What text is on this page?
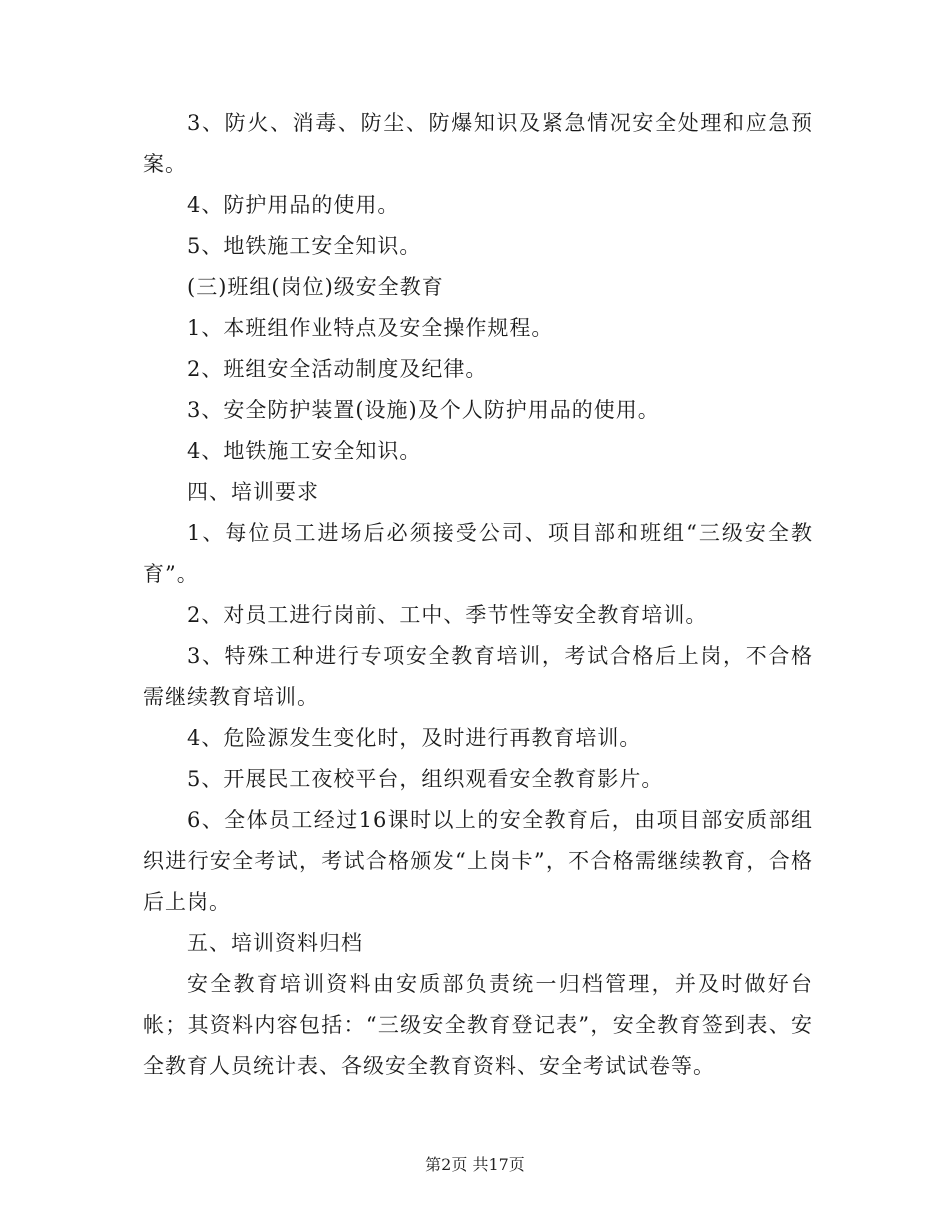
3、防火、消毒、防尘、防爆知识及紧急情况安全处理和应急预案。

4、防护用品的使用。

5、地铁施工安全知识。

(三)班组(岗位)级安全教育

1、本班组作业特点及安全操作规程。

2、班组安全活动制度及纪律。

3、安全防护装置(设施)及个人防护用品的使用。

4、地铁施工安全知识。

四、培训要求

1、每位员工进场后必须接受公司、项目部和班组“三级安全教育”。

2、对员工进行岗前、工中、季节性等安全教育培训。

3、特殊工种进行专项安全教育培训，考试合格后上岗，不合格需继续教育培训。

4、危险源发生变化时，及时进行再教育培训。

5、开展民工夜校平台，组织观看安全教育影片。

6、全体员工经过16课时以上的安全教育后，由项目部安质部组织进行安全考试，考试合格颁发“上岗卡”，不合格需继续教育，合格后上岗。

五、培训资料归档

安全教育培训资料由安质部负责统一归档管理，并及时做好台帐；其资料内容包括：“三级安全教育登记表”，安全教育签到表、安全教育人员统计表、各级安全教育资料、安全考试试卷等。

第2页 共17页
